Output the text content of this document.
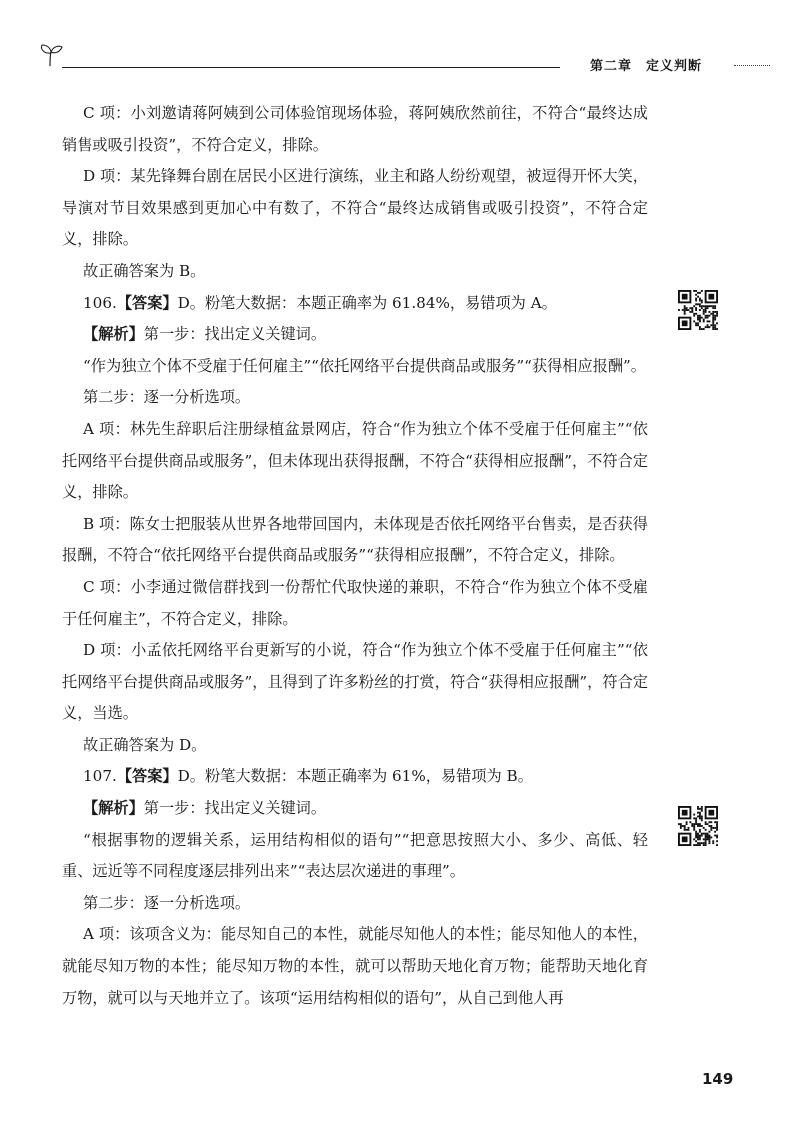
第二章 定义判断

C 项：小刘邀请蒋阿姨到公司体验馆现场体验，蒋阿姨欣然前往，不符合“最终达成销售或吸引投资”，不符合定义，排除。

D 项：某先锋舞台剧在居民小区进行演练，业主和路人纷纷观望，被逗得开怀大笑，导演对节目效果感到更加心中有数了，不符合“最终达成销售或吸引投资”，不符合定义，排除。

故正确答案为 B。

106.【答案】D。粉笔大数据：本题正确率为 61.84%，易错项为 A。

【解析】第一步：找出定义关键词。

“作为独立个体不受雇于任何雇主”“依托网络平台提供商品或服务”“获得相应报酬”。

第二步：逐一分析选项。

A 项：林先生辞职后注册绿植盆景网店，符合“作为独立个体不受雇于任何雇主”“依托网络平台提供商品或服务”，但未体现出获得报酬，不符合“获得相应报酬”，不符合定义，排除。

B 项：陈女士把服装从世界各地带回国内，未体现是否依托网络平台售卖，是否获得报酬，不符合“依托网络平台提供商品或服务”“获得相应报酬”，不符合定义，排除。

C 项：小李通过微信群找到一份帮忙代取快递的兼职，不符合“作为独立个体不受雇于任何雇主”，不符合定义，排除。

D 项：小孟依托网络平台更新写的小说，符合“作为独立个体不受雇于任何雇主”“依托网络平台提供商品或服务”，且得到了许多粉丝的打赏，符合“获得相应报酬”，符合定义，当选。

故正确答案为 D。

107.【答案】D。粉笔大数据：本题正确率为 61%，易错项为 B。

【解析】第一步：找出定义关键词。

“根据事物的逻辑关系，运用结构相似的语句”“把意思按照大小、多少、高低、轻重、远近等不同程度逐层排列出来”“表达层次递进的事理”。

第二步：逐一分析选项。

A 项：该项含义为：能尽知自己的本性，就能尽知他人的本性；能尽知他人的本性，就能尽知万物的本性；能尽知万物的本性，就可以帮助天地化育万物；能帮助天地化育万物，就可以与天地并立了。该项“运用结构相似的语句”，从自己到他人再

149
